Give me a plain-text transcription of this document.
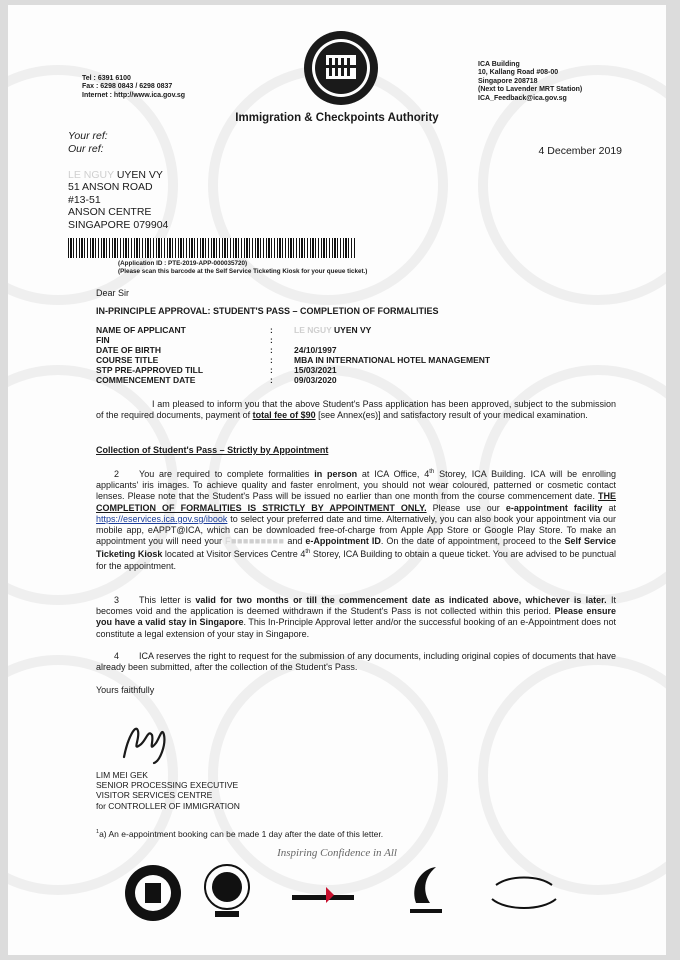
Tel : 6391 6100
Fax : 6298 0843 / 6298 0837
Internet : http://www.ica.gov.sg
ICA Building
10, Kallang Road #08-00
Singapore 208718
(Next to Lavender MRT Station)
ICA_Feedback@ica.gov.sg
Immigration & Checkpoints Authority
Your ref:
Our ref:	4 December 2019
LE NGUY UYEN VY
51 ANSON ROAD
#13-51
ANSON CENTRE
SINGAPORE 079904
(Application ID : PTE-2019-APP-000035720)
(Please scan this barcode at the Self Service Ticketing Kiosk for your queue ticket.)
Dear Sir
IN-PRINCIPLE APPROVAL: STUDENT'S PASS – COMPLETION OF FORMALITIES
NAME OF APPLICANT	: LE NGUY UYEN VY
FIN	:
DATE OF BIRTH	: 24/10/1997
COURSE TITLE	: MBA IN INTERNATIONAL HOTEL MANAGEMENT
STP PRE-APPROVED TILL	: 15/03/2021
COMMENCEMENT DATE	: 09/03/2020
I am pleased to inform you that the above Student's Pass application has been approved, subject to the submission of the required documents, payment of total fee of $90 [see Annex(es)] and satisfactory result of your medical examination.
Collection of Student's Pass – Strictly by Appointment
2 You are required to complete formalities in person at ICA Office, 4th Storey, ICA Building. ICA will be enrolling applicants' iris images. To achieve quality and faster enrolment, you should not wear coloured, patterned or cosmetic contact lenses. Please note that the Student's Pass will be issued no earlier than one month from the course commencement date. THE COMPLETION OF FORMALITIES IS STRICTLY BY APPOINTMENT ONLY. Please use our e-appointment facility at https://eservices.ica.gov.sg/ibook to select your preferred date and time. Alternatively, you can also book your appointment via our mobile app, eAPPT@ICA, which can be downloaded free-of-charge from Apple App Store or Google Play Store. To make an appointment you will need your F■■■■■■■■■ and e-Appointment ID. On the date of appointment, proceed to the Self Service Ticketing Kiosk located at Visitor Services Centre 4th Storey, ICA Building to obtain a queue ticket. You are advised to be punctual for the appointment.
3 This letter is valid for two months or till the commencement date as indicated above, whichever is later. It becomes void and the application is deemed withdrawn if the Student's Pass is not collected within this period. Please ensure you have a valid stay in Singapore. This In-Principle Approval letter and/or the successful booking of an e-Appointment does not constitute a legal extension of your stay in Singapore.
4 ICA reserves the right to request for the submission of any documents, including original copies of documents that have already been submitted, after the collection of the Student's Pass.
Yours faithfully
LIM MEI GEK
SENIOR PROCESSING EXECUTIVE
VISITOR SERVICES CENTRE
for CONTROLLER OF IMMIGRATION
$^1$a) An e-appointment booking can be made 1 day after the date of this letter.
Inspiring Confidence in All
